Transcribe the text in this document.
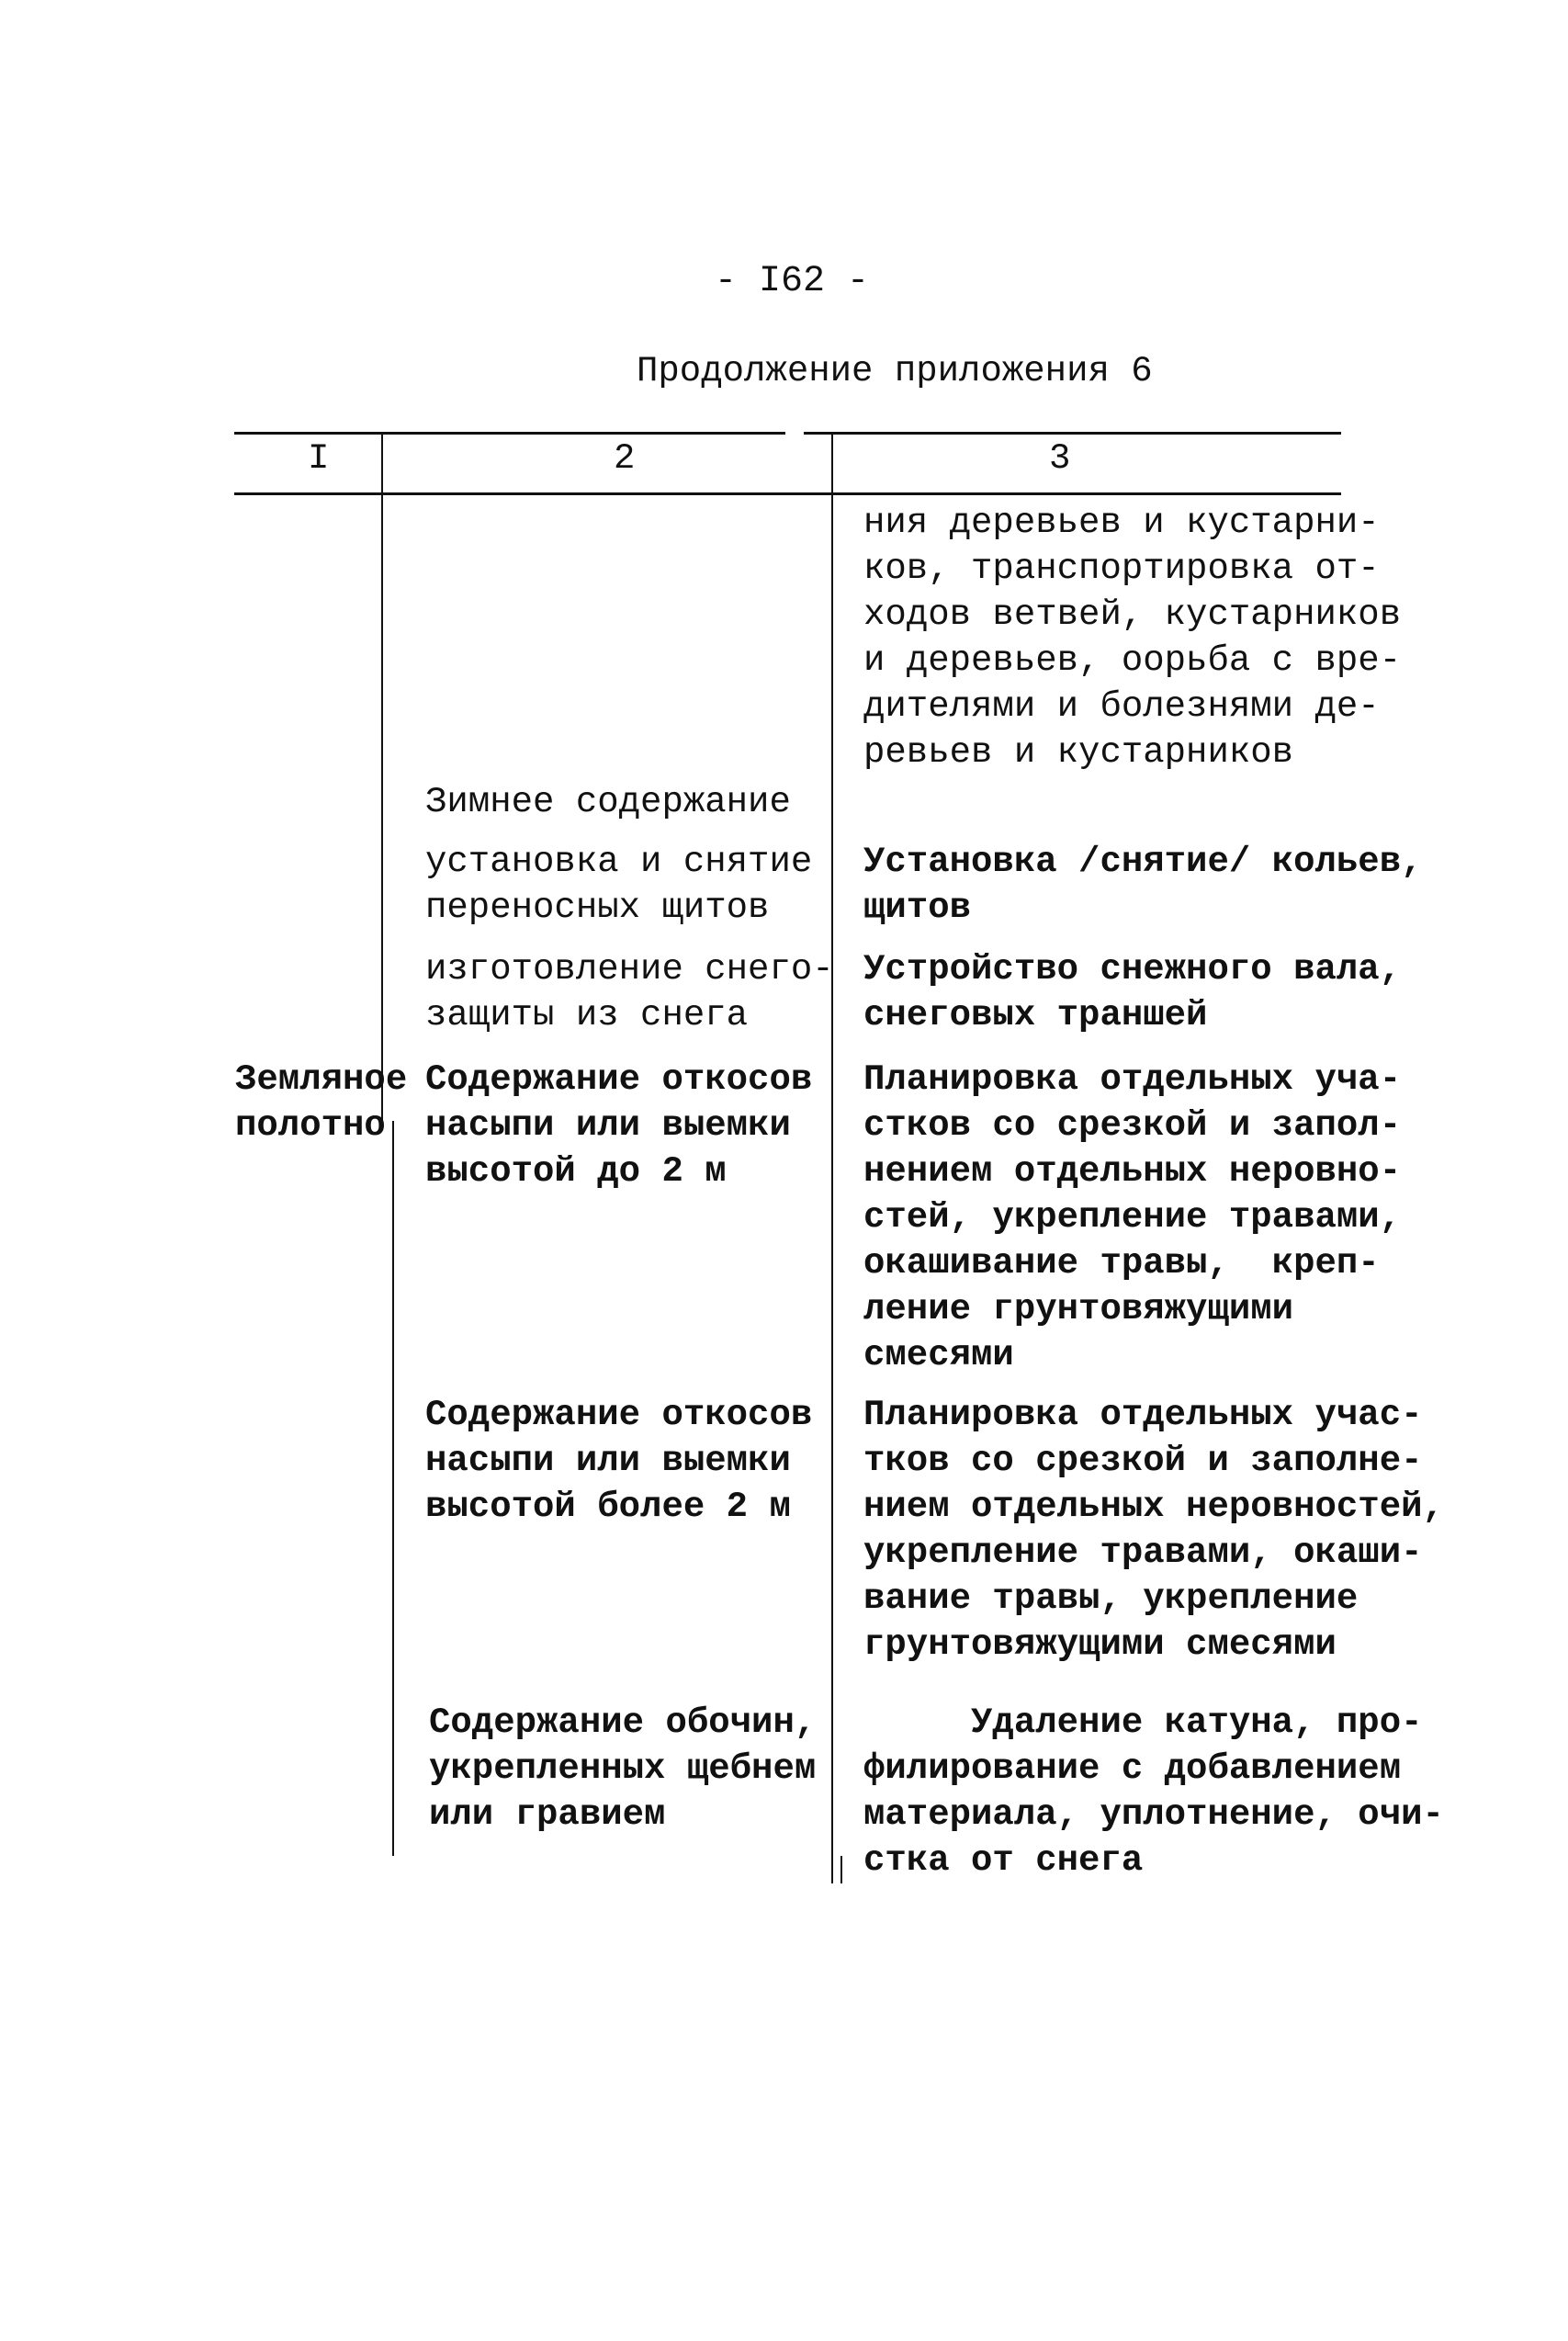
- I62 -
Продолжение приложения 6
I	2	3
ния деревьев и кустарни-
ков, транспортировка от-
ходов ветвей, кустарников
и деревьев, оорьба с вре-
дителями и болезнями де-
ревьев и кустарников
Зимнее содержание
установка и снятие
переносных щитов
Установка /снятие/ кольев,
щитов
изготовление снего-
защиты из снега
Устройство снежного вала,
снеговых траншей
Земляное
полотно
Содержание откосов
насыпи или выемки
высотой до 2 м
Планировка отдельных уча-
стков со срезкой и запол-
нением отдельных неровно-
стей, укрепление травами,
окашивание травы,  креп-
ление грунтовяжущими
смесями
Содержание откосов
насыпи или выемки
высотой более 2 м
Планировка отдельных учас-
тков со срезкой и заполне-
нием отдельных неровностей,
укрепление травами, окаши-
вание травы, укрепление
грунтовяжущими смесями
Содержание обочин,
укрепленных щебнем
или гравием
Удаление катуна, про-
филирование с добавлением
материала, уплотнение, очи-
стка от снега
